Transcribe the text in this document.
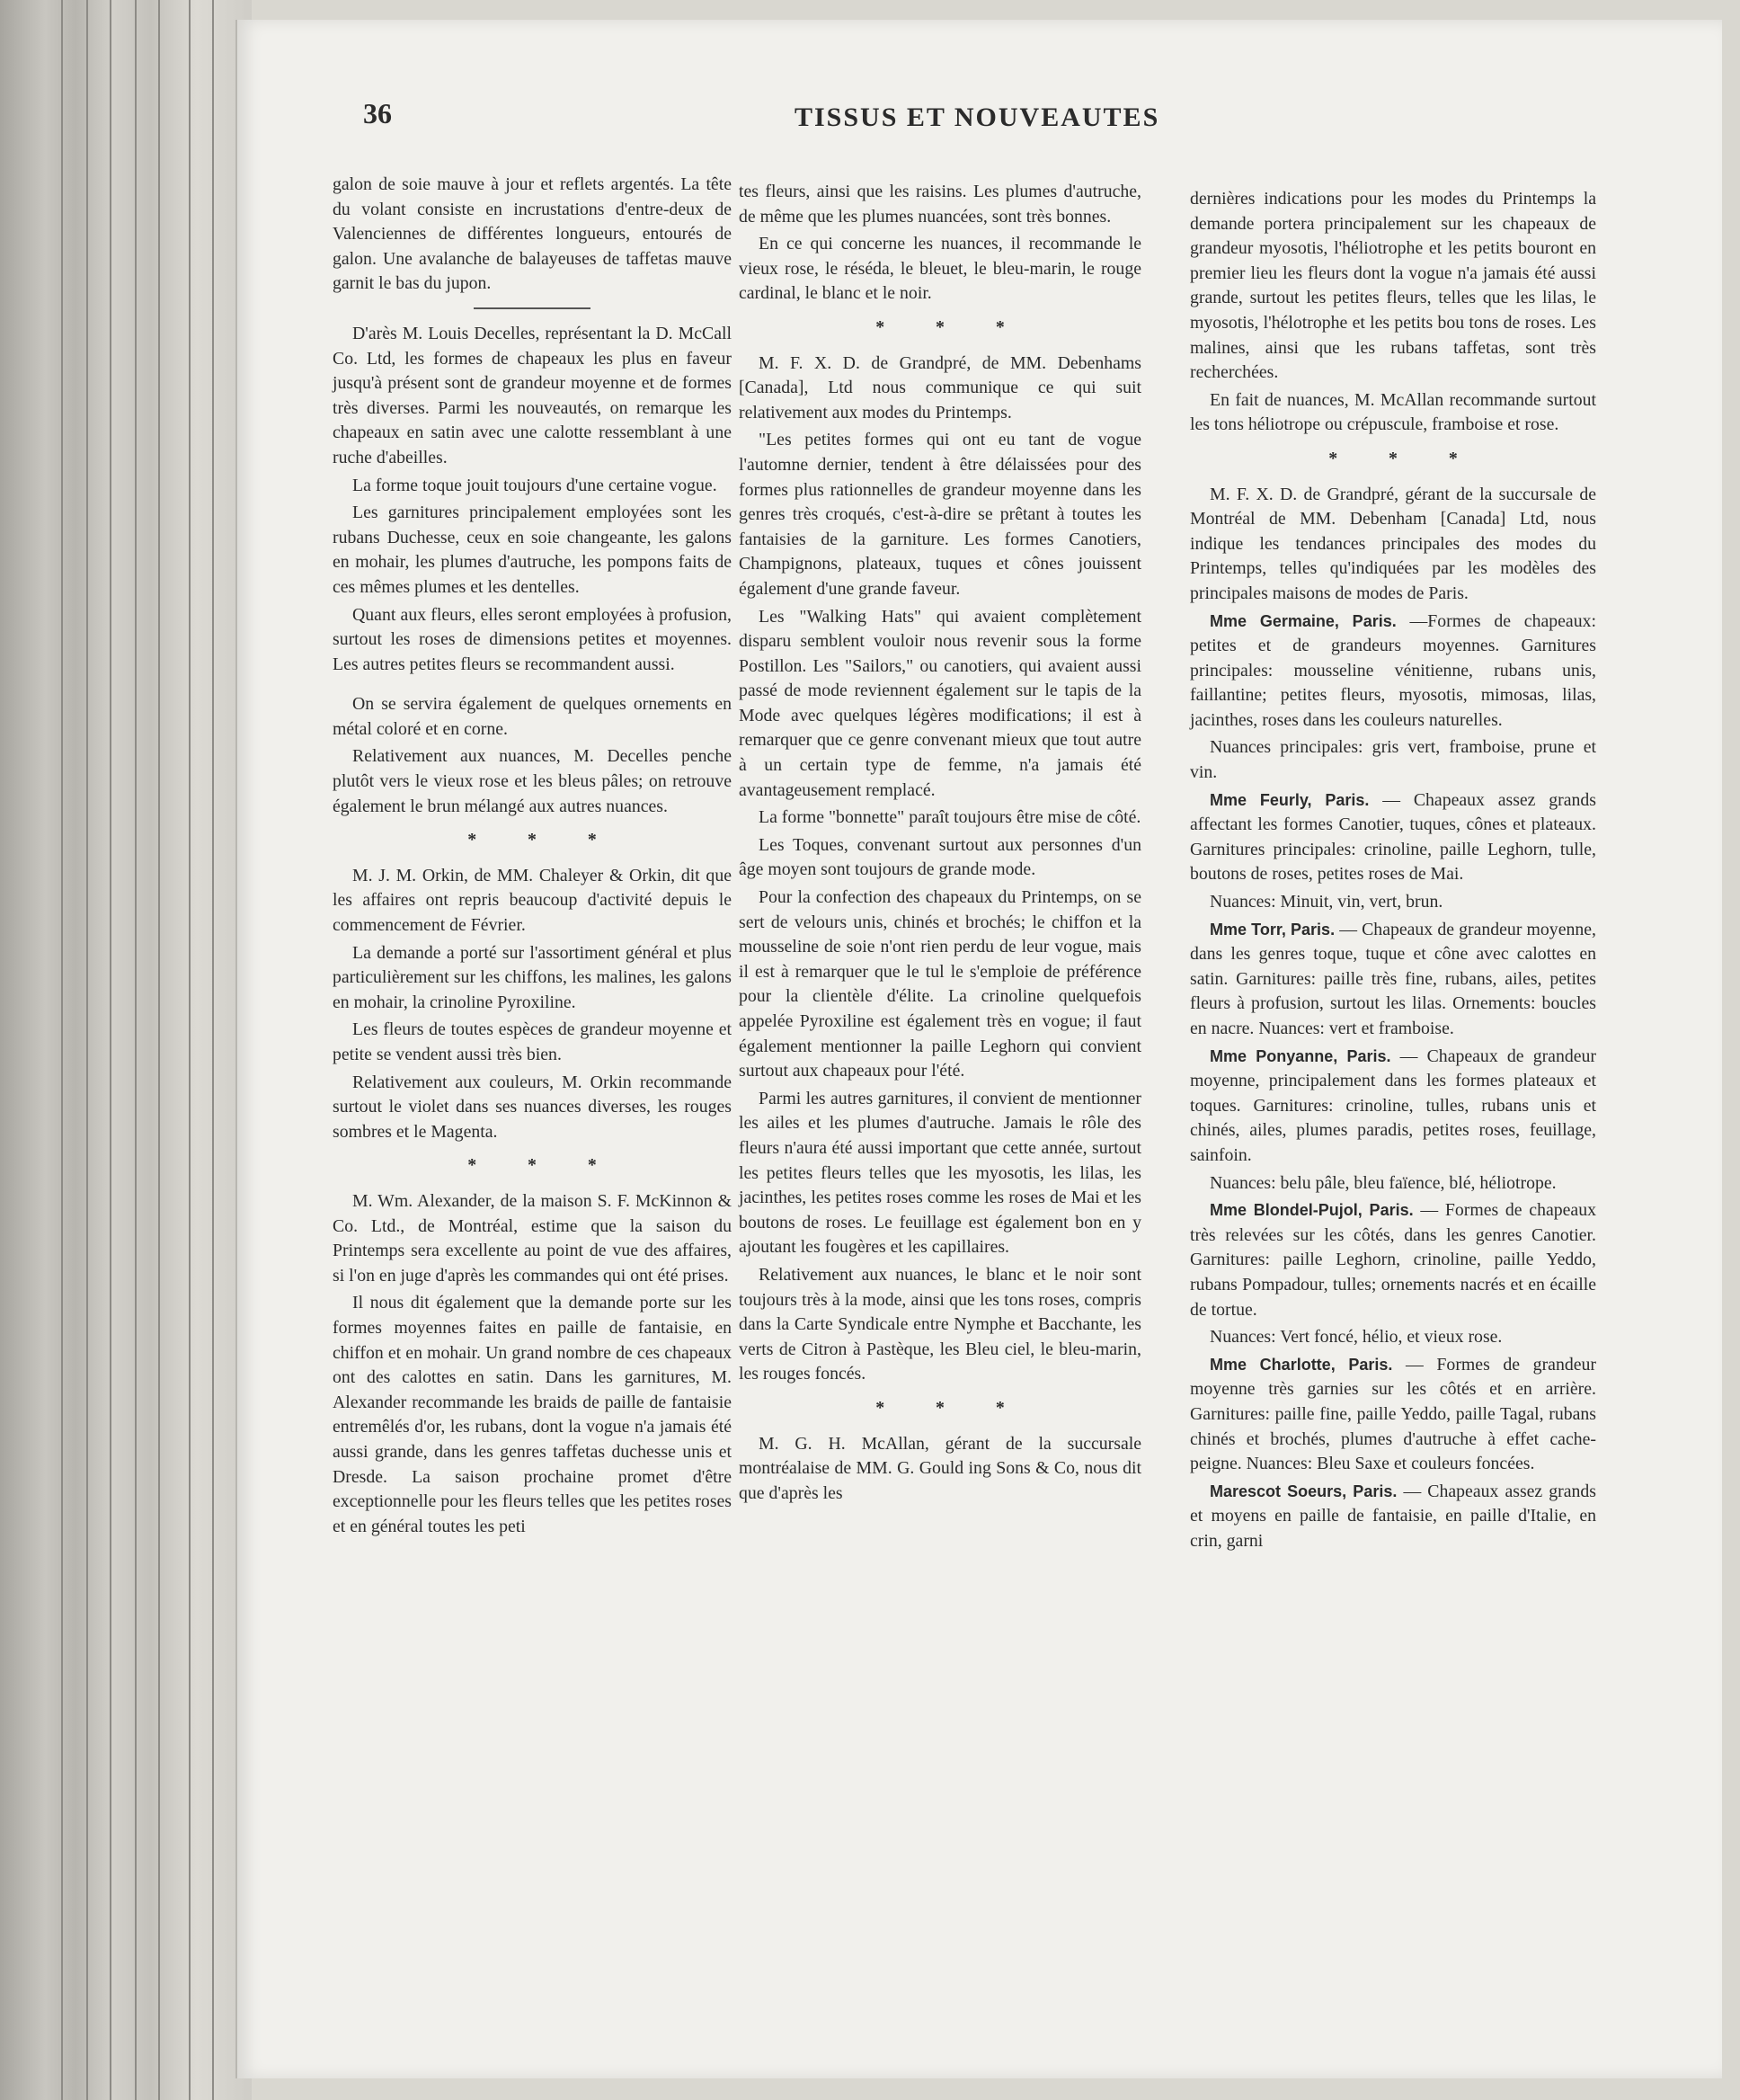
36	TISSUS ET NOUVEAUTES

galon de soie mauve à jour et reflets argentés. La tête du volant consiste en incrustations d'entre-deux de Valenciennes de différentes longueurs, entourés de galon. Une avalanche de balayeuses de taffetas mauve garnit le bas du jupon.

D'arès M. Louis Decelles, représentant la D. McCall Co. Ltd, les formes de chapeaux les plus en faveur jusqu'à présent sont de grandeur moyenne et de formes très diverses. Parmi les nouveautés, on remarque les chapeaux en satin avec une calotte ressemblant à une ruche d'abeilles.

La forme toque jouit toujours d'une certaine vogue.

Les garnitures principalement employées sont les rubans Duchesse, ceux en soie changeante, les galons en mohair, les plumes d'autruche, les pompons faits de ces mêmes plumes et les dentelles.

Quant aux fleurs, elles seront employées à profusion, surtout les roses de dimensions petites et moyennes. Les autres petites fleurs se recommandent aussi.

On se servira également de quelques ornements en métal coloré et en corne.

Relativement aux nuances, M. Decelles penche plutôt vers le vieux rose et les bleus pâles; on retrouve également le brun mélangé aux autres nuances.

* * *

M. J. M. Orkin, de MM. Chaleyer & Orkin, dit que les affaires ont repris beaucoup d'activité depuis le commencement de Février.

La demande a porté sur l'assortiment général et plus particulièrement sur les chiffons, les malines, les galons en mohair, la crinoline Pyroxiline.

Les fleurs de toutes espèces de grandeur moyenne et petite se vendent aussi très bien.

Relativement aux couleurs, M. Orkin recommande surtout le violet dans ses nuances diverses, les rouges sombres et le Magenta.

* * *

M. Wm. Alexander, de la maison S. F. McKinnon & Co. Ltd., de Montréal, estime que la saison du Printemps sera excellente au point de vue des affaires, si l'on en juge d'après les commandes qui ont été prises.

Il nous dit également que la demande porte sur les formes moyennes faites en paille de fantaisie, en chiffon et en mohair. Un grand nombre de ces chapeaux ont des calottes en satin. Dans les garnitures, M. Alexander recommande les braids de paille de fantaisie entremêlés d'or, les rubans, dont la vogue n'a jamais été aussi grande, dans les genres taffetas duchesse unis et Dresde. La saison prochaine promet d'être exceptionnelle pour les fleurs telles que les petites roses et en général toutes les peti

tes fleurs, ainsi que les raisins. Les plumes d'autruche, de même que les plumes nuancées, sont très bonnes.

En ce qui concerne les nuances, il recommande le vieux rose, le réséda, le bleuet, le bleu-marin, le rouge cardinal, le blanc et le noir.

* * *

M. F. X. D. de Grandpré, de MM. Debenhams [Canada], Ltd nous communique ce qui suit relativement aux modes du Printemps.

"Les petites formes qui ont eu tant de vogue l'automne dernier, tendent à être délaissées pour des formes plus rationnelles de grandeur moyenne dans les genres très croqués, c'est-à-dire se prêtant à toutes les fantaisies de la garniture. Les formes Canotiers, Champignons, plateaux, tuques et cônes jouissent également d'une grande faveur.

Les "Walking Hats" qui avaient complètement disparu semblent vouloir nous revenir sous la forme Postillon. Les "Sailors," ou canotiers, qui avaient aussi passé de mode reviennent également sur le tapis de la Mode avec quelques légères modifications; il est à remarquer que ce genre convenant mieux que tout autre à un certain type de femme, n'a jamais été avantageusement remplacé.

La forme "bonnette" paraît toujours être mise de côté.

Les Toques, convenant surtout aux personnes d'un âge moyen sont toujours de grande mode.

Pour la confection des chapeaux du Printemps, on se sert de velours unis, chinés et brochés; le chiffon et la mousseline de soie n'ont rien perdu de leur vogue, mais il est à remarquer que le tul le s'emploie de préférence pour la clientèle d'élite. La crinoline quelquefois appelée Pyroxiline est également très en vogue; il faut également mentionner la paille Leghorn qui convient surtout aux chapeaux pour l'été.

Parmi les autres garnitures, il convient de mentionner les ailes et les plumes d'autruche. Jamais le rôle des fleurs n'aura été aussi important que cette année, surtout les petites fleurs telles que les myosotis, les lilas, les jacinthes, les petites roses comme les roses de Mai et les boutons de roses. Le feuillage est également bon en y ajoutant les fougères et les capillaires.

Relativement aux nuances, le blanc et le noir sont toujours très à la mode, ainsi que les tons roses, compris dans la Carte Syndicale entre Nymphe et Bacchante, les verts de Citron à Pastèque, les Bleu ciel, le bleu-marin, les rouges foncés.

* * *

M. G. H. McAllan, gérant de la succursale montréalaise de MM. G. Gould ing Sons & Co, nous dit que d'après les

dernières indications pour les modes du Printemps la demande portera principalement sur les chapeaux de grandeur myosotis, l'héliotrophe et les petits bouront en premier lieu les fleurs dont la vogue n'a jamais été aussi grande, surtout les petites fleurs, telles que les lilas, le myosotis, l'hélotrophe et les petits bou tons de roses. Les malines, ainsi que les rubans taffetas, sont très recherchées.

En fait de nuances, M. McAllan recommande surtout les tons héliotrope ou crépuscule, framboise et rose.

* * *

M. F. X. D. de Grandpré, gérant de la succursale de Montréal de MM. Debenham [Canada] Ltd, nous indique les tendances principales des modes du Printemps, telles qu'indiquées par les modèles des principales maisons de modes de Paris.

Mme Germaine, Paris. —Formes de chapeaux: petites et de grandeurs moyennes. Garnitures principales: mousseline vénitienne, rubans unis, faillantine; petites fleurs, myosotis, mimosas, lilas, jacinthes, roses dans les couleurs naturelles.

Nuances principales: gris vert, framboise, prune et vin.

Mme Feurly, Paris. — Chapeaux assez grands affectant les formes Canotier, tuques, cônes et plateaux. Garnitures principales: crinoline, paille Leghorn, tulle, boutons de roses, petites roses de Mai.

Nuances: Minuit, vin, vert, brun.

Mme Torr, Paris. — Chapeaux de grandeur moyenne, dans les genres toque, tuque et cône avec calottes en satin. Garnitures: paille très fine, rubans, ailes, petites fleurs à profusion, surtout les lilas. Ornements: boucles en nacre. Nuances: vert et framboise.

Mme Ponyanne, Paris. — Chapeaux de grandeur moyenne, principalement dans les formes plateaux et toques. Garnitures: crinoline, tulles, rubans unis et chinés, ailes, plumes paradis, petites roses, feuillage, sainfoin.

Nuances: belu pâle, bleu faïence, blé, héliotrope.

Mme Blondel-Pujol, Paris. — Formes de chapeaux très relevées sur les côtés, dans les genres Canotier. Garnitures: paille Leghorn, crinoline, paille Yeddo, rubans Pompadour, tulles; ornements nacrés et en écaille de tortue.

Nuances: Vert foncé, hélio, et vieux rose.

Mme Charlotte, Paris. — Formes de grandeur moyenne très garnies sur les côtés et en arrière. Garnitures: paille fine, paille Yeddo, paille Tagal, rubans chinés et brochés, plumes d'autruche à effet cache-peigne. Nuances: Bleu Saxe et couleurs foncées.

Marescot Soeurs, Paris. — Chapeaux assez grands et moyens en paille de fantaisie, en paille d'Italie, en crin, garni
